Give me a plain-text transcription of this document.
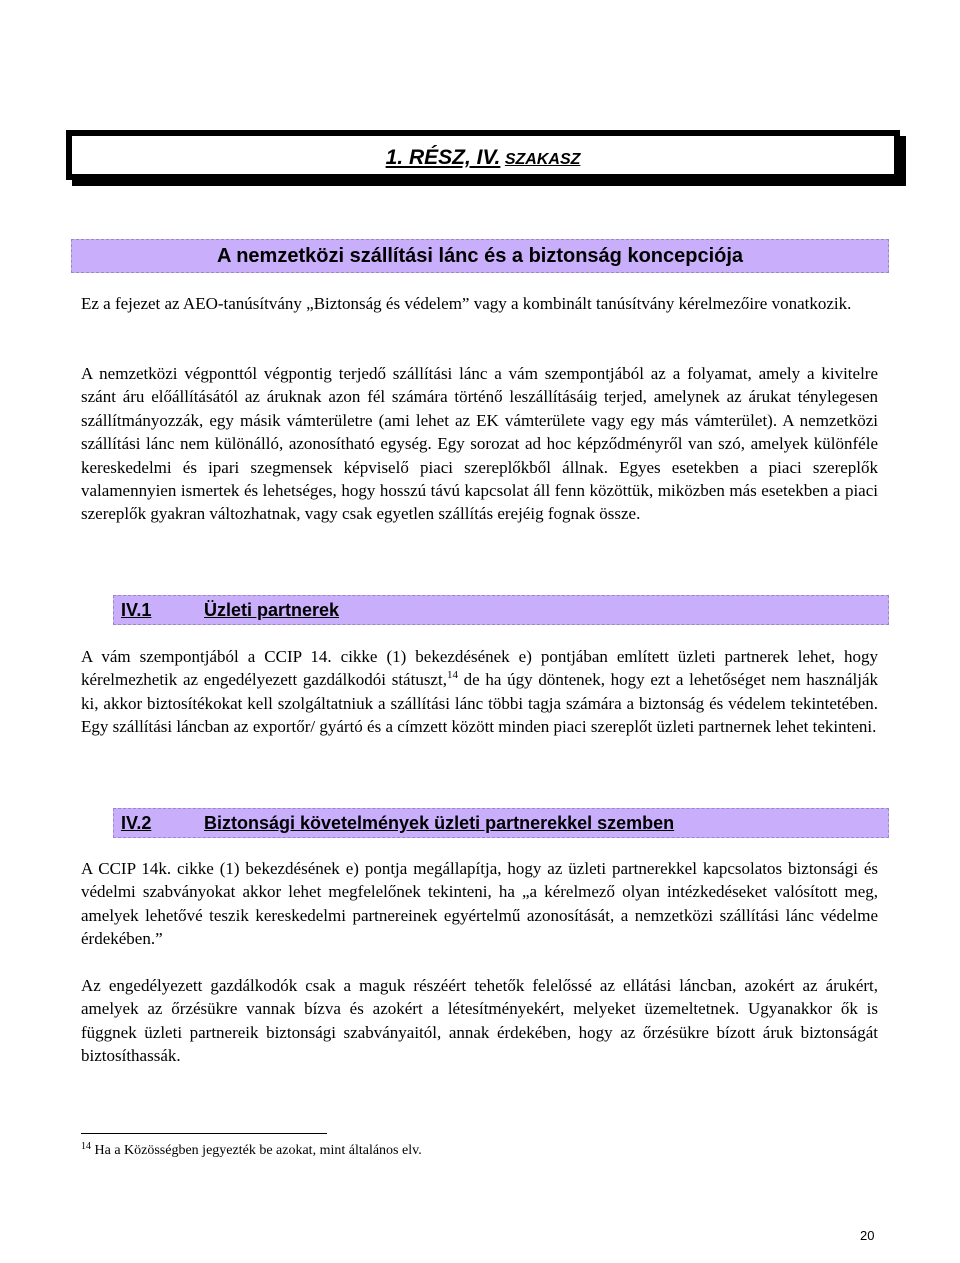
1. RÉSZ, IV. SZAKASZ
A nemzetközi szállítási lánc és a biztonság koncepciója

Ez a fejezet az AEO-tanúsítvány „Biztonság és védelem” vagy a kombinált tanúsítvány kérelmezőire vonatkozik.

A nemzetközi végponttól végpontig terjedő szállítási lánc a vám szempontjából az a folyamat, amely a kivitelre szánt áru előállításától az áruknak azon fél számára történő leszállításáig terjed, amelynek az árukat ténylegesen szállítmányozzák, egy másik vámterületre (ami lehet az EK vámterülete vagy egy más vámterület). A nemzetközi szállítási lánc nem különálló, azonosítható egység. Egy sorozat ad hoc képződményről van szó, amelyek különféle kereskedelmi és ipari szegmensek képviselő piaci szereplőkből állnak. Egyes esetekben a piaci szereplők valamennyien ismertek és lehetséges, hogy hosszú távú kapcsolat áll fenn közöttük, miközben más esetekben a piaci szereplők gyakran változhatnak, vagy csak egyetlen szállítás erejéig fognak össze.

IV.1	Üzleti partnerek

A vám szempontjából a CCIP 14. cikke (1) bekezdésének e) pontjában említett üzleti partnerek lehet, hogy kérelmezhetik az engedélyezett gazdálkodói státuszt,$^{14}$ de ha úgy döntenek, hogy ezt a lehetőséget nem használják ki, akkor biztosítékokat kell szolgáltatniuk a szállítási lánc többi tagja számára a biztonság és védelem tekintetében. Egy szállítási láncban az exportőr/ gyártó és a címzett között minden piaci szereplőt üzleti partnernek lehet tekinteni.

IV.2	Biztonsági követelmények üzleti partnerekkel szemben

A CCIP 14k. cikke (1) bekezdésének e) pontja megállapítja, hogy az üzleti partnerekkel kapcsolatos biztonsági és védelmi szabványokat akkor lehet megfelelőnek tekinteni, ha „a kérelmező olyan intézkedéseket valósított meg, amelyek lehetővé teszik kereskedelmi partnereinek egyértelmű azonosítását, a nemzetközi szállítási lánc védelme érdekében.”

Az engedélyezett gazdálkodók csak a maguk részéért tehetők felelőssé az ellátási láncban, azokért az árukért, amelyek az őrzésükre vannak bízva és azokért a létesítményekért, melyeket üzemeltetnek. Ugyanakkor ők is függnek üzleti partnereik biztonsági szabványaitól, annak érdekében, hogy az őrzésükre bízott áruk biztonságát biztosíthassák.

$^{14}$ Ha a Közösségben jegyezték be azokat, mint általános elv.

20
